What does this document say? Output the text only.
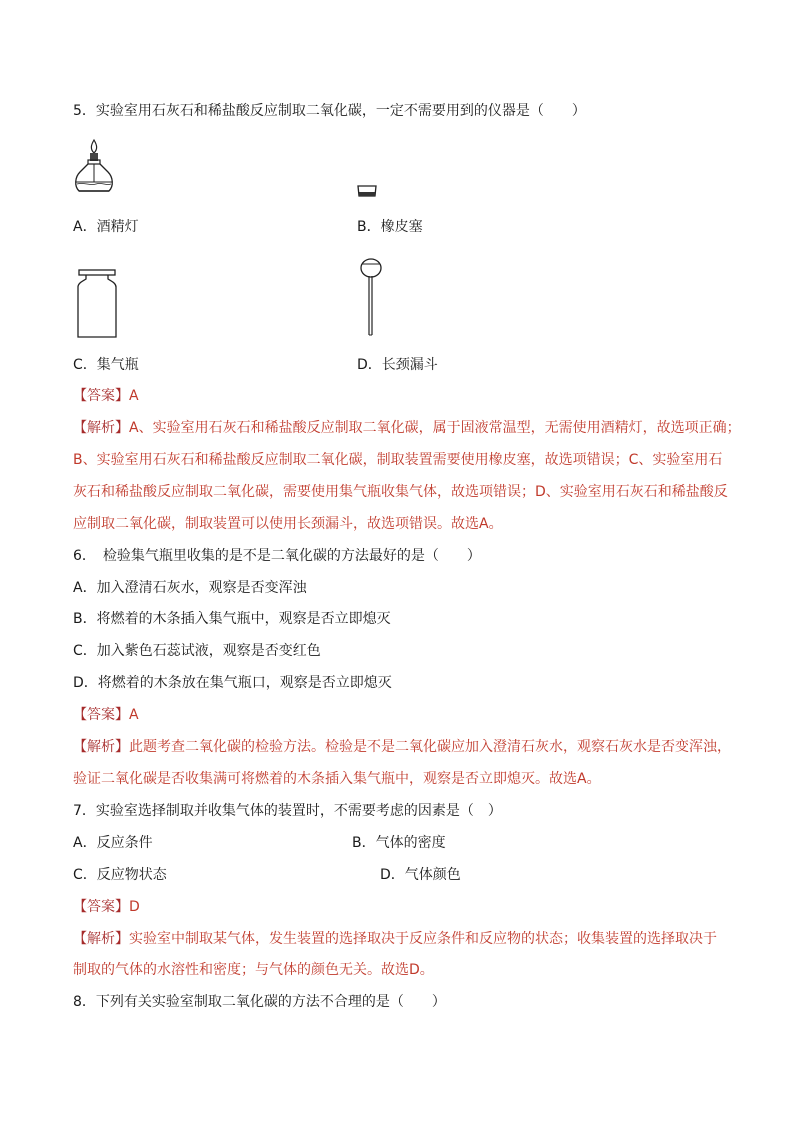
5．实验室用石灰石和稀盐酸反应制取二氧化碳，一定不需要用到的仪器是（　　）
A．酒精灯	B．橡皮塞
C．集气瓶	D．长颈漏斗
【答案】A
【解析】A、实验室用石灰石和稀盐酸反应制取二氧化碳，属于固液常温型，无需使用酒精灯，故选项正确；
B、实验室用石灰石和稀盐酸反应制取二氧化碳，制取装置需要使用橡皮塞，故选项错误；C、实验室用石
灰石和稀盐酸反应制取二氧化碳，需要使用集气瓶收集气体，故选项错误；D、实验室用石灰石和稀盐酸反
应制取二氧化碳，制取装置可以使用长颈漏斗，故选项错误。故选A。
6．　检验集气瓶里收集的是不是二氧化碳的方法最好的是（　　）
A．加入澄清石灰水，观察是否变浑浊
B．将燃着的木条插入集气瓶中，观察是否立即熄灭
C．加入紫色石蕊试液，观察是否变红色
D．将燃着的木条放在集气瓶口，观察是否立即熄灭
【答案】A
【解析】此题考查二氧化碳的检验方法。检验是不是二氧化碳应加入澄清石灰水，观察石灰水是否变浑浊，
验证二氧化碳是否收集满可将燃着的木条插入集气瓶中，观察是否立即熄灭。故选A。
7．实验室选择制取并收集气体的装置时，不需要考虑的因素是（　）
A．反应条件	B．气体的密度
C．反应物状态	D．气体颜色
【答案】D
【解析】实验室中制取某气体，发生装置的选择取决于反应条件和反应物的状态；收集装置的选择取决于
制取的气体的水溶性和密度；与气体的颜色无关。故选D。
8．下列有关实验室制取二氧化碳的方法不合理的是（　　）
